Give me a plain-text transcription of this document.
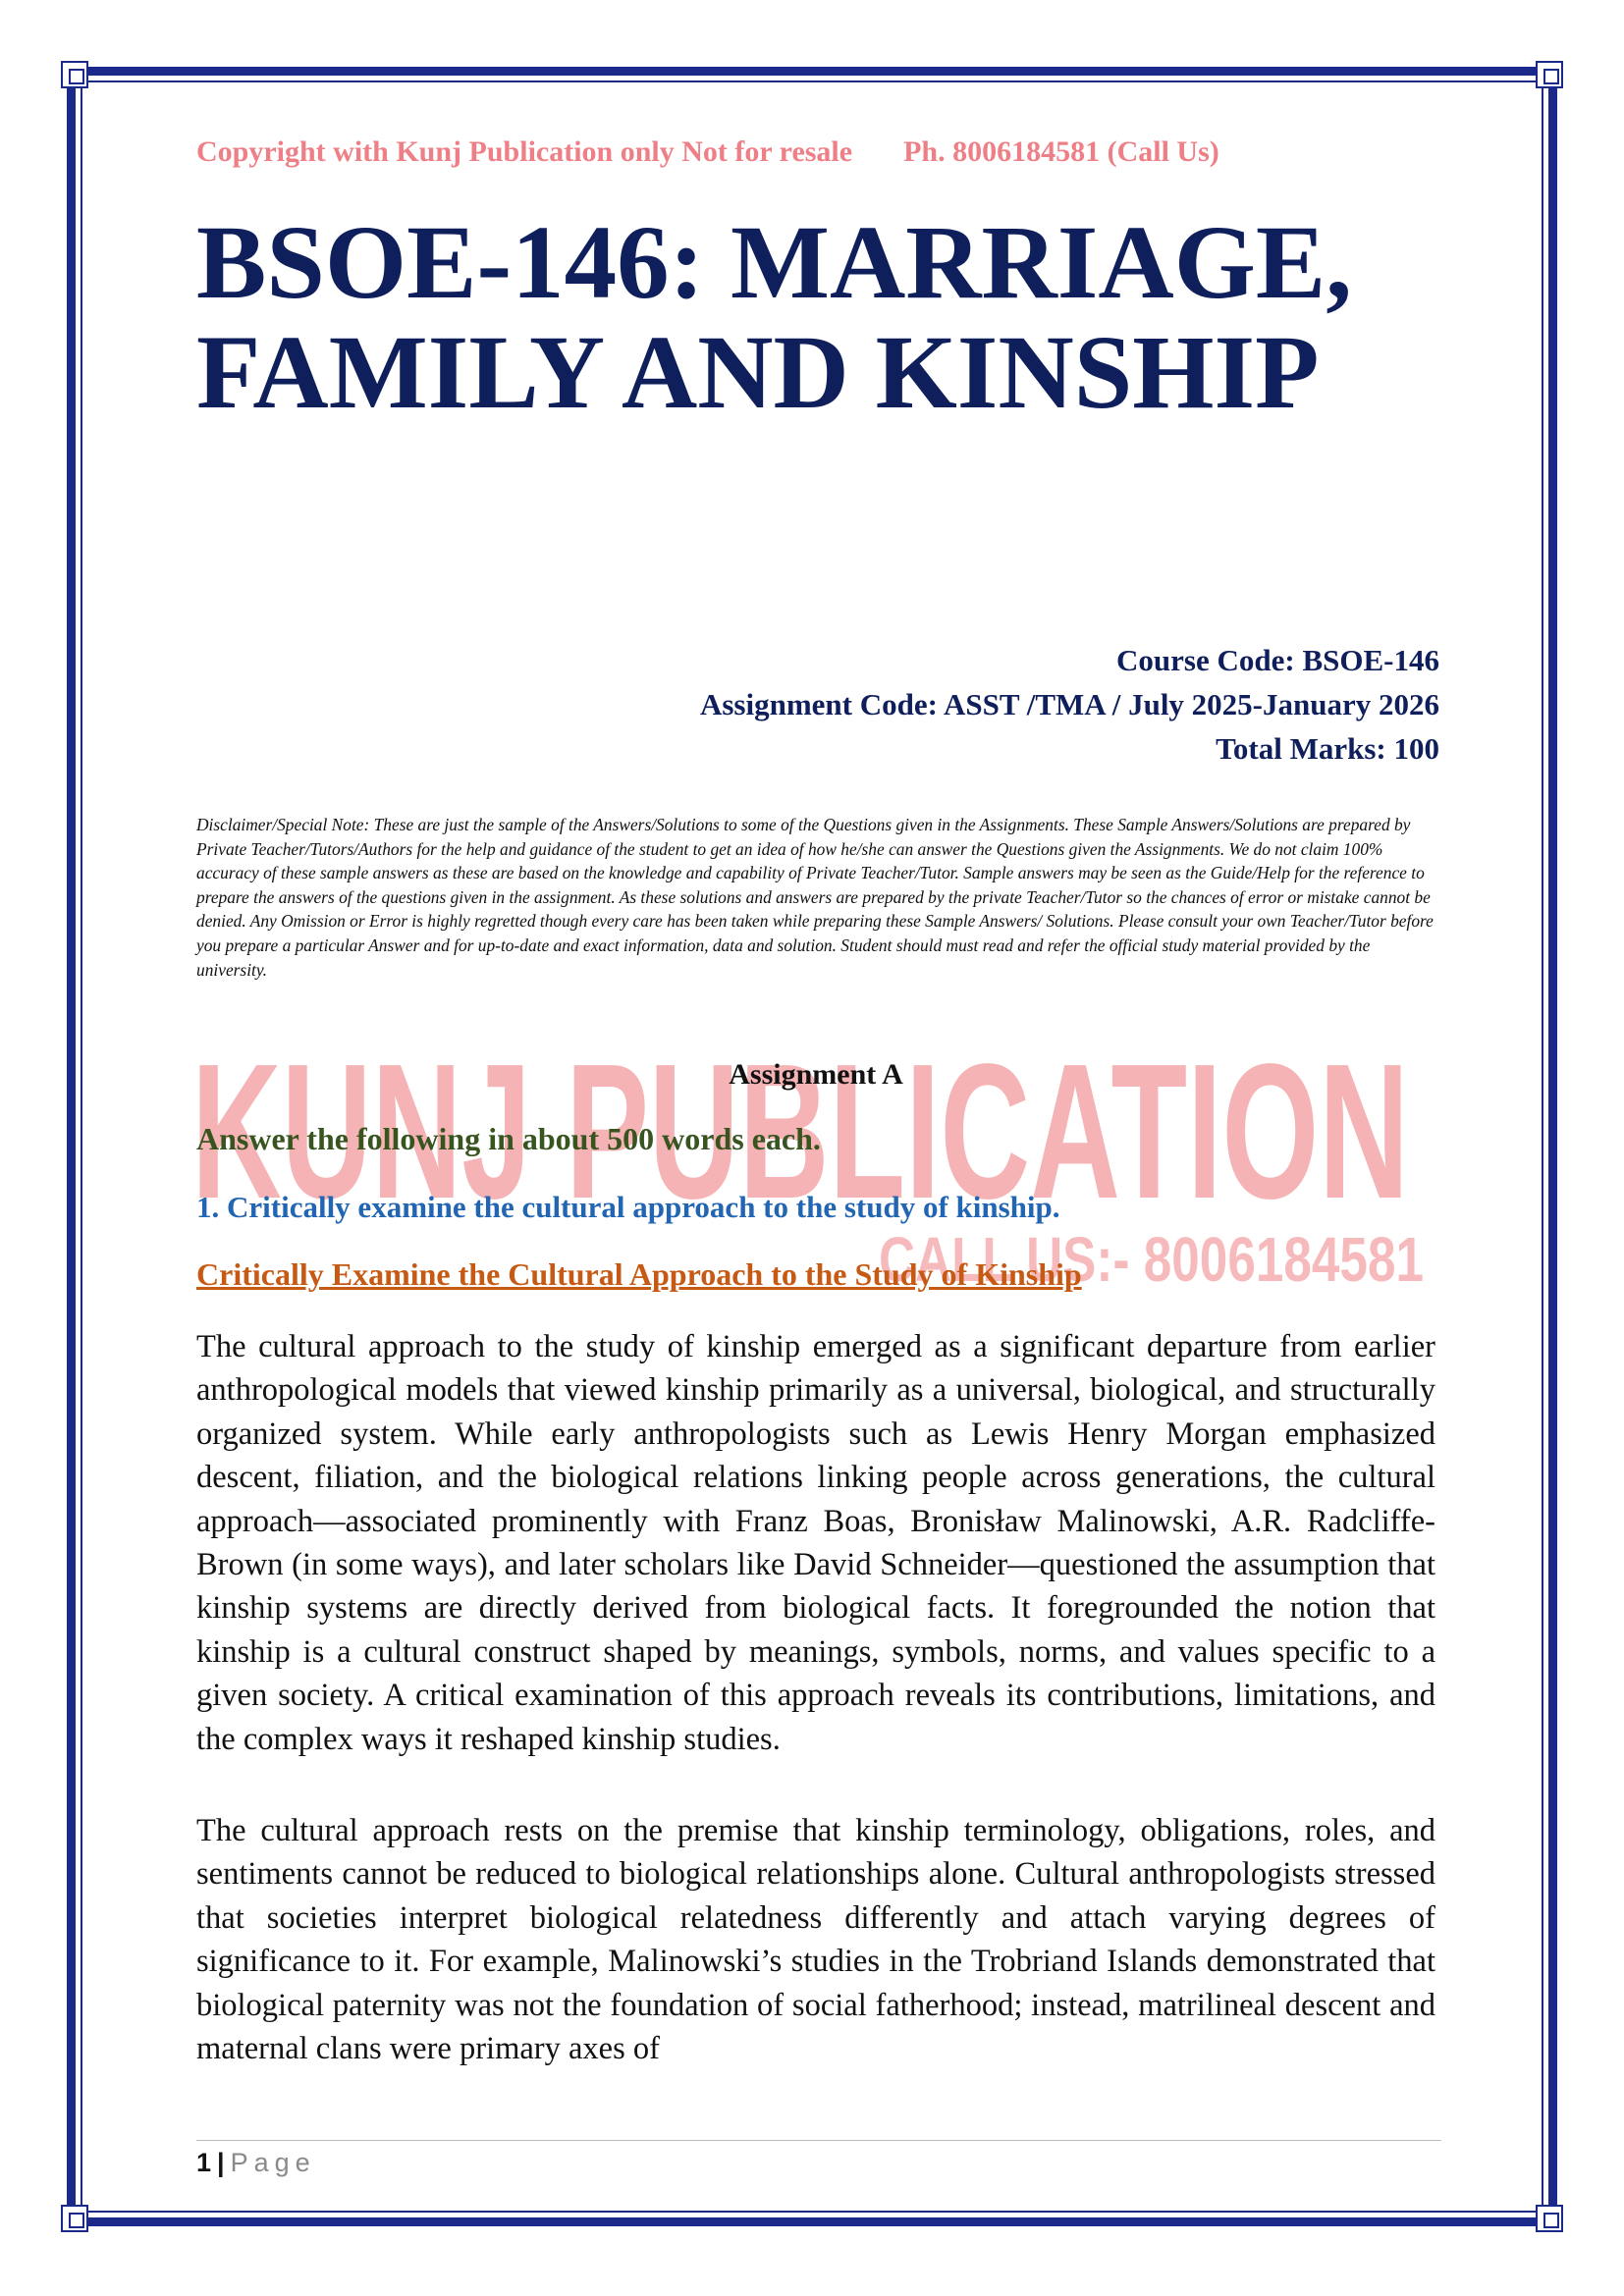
Copyright with Kunj Publication only Not for resale Ph. 8006184581 (Call Us)
BSOE-146: MARRIAGE,
FAMILY AND KINSHIP
Course Code: BSOE-146
Assignment Code: ASST /TMA / July 2025-January 2026
Total Marks: 100

Disclaimer/Special Note: These are just the sample of the Answers/Solutions to some of the Questions given in the Assignments. These Sample Answers/Solutions are prepared by Private Teacher/Tutors/Authors for the help and guidance of the student to get an idea of how he/she can answer the Questions given the Assignments. We do not claim 100% accuracy of these sample answers as these are based on the knowledge and capability of Private Teacher/Tutor. Sample answers may be seen as the Guide/Help for the reference to prepare the answers of the questions given in the assignment. As these solutions and answers are prepared by the private Teacher/Tutor so the chances of error or mistake cannot be denied. Any Omission or Error is highly regretted though every care has been taken while preparing these Sample Answers/ Solutions. Please consult your own Teacher/Tutor before you prepare a particular Answer and for up-to-date and exact information, data and solution. Student should must read and refer the official study material provided by the university.

KUNJ PUBLICATION
CALL US:- 8006184581
Assignment A
Answer the following in about 500 words each.
1. Critically examine the cultural approach to the study of kinship.
Critically Examine the Cultural Approach to the Study of Kinship

The cultural approach to the study of kinship emerged as a significant departure from earlier anthropological models that viewed kinship primarily as a universal, biological, and structurally organized system. While early anthropologists such as Lewis Henry Morgan emphasized descent, filiation, and the biological relations linking people across generations, the cultural approach—associated prominently with Franz Boas, Bronisław Malinowski, A.R. Radcliffe-Brown (in some ways), and later scholars like David Schneider—questioned the assumption that kinship systems are directly derived from biological facts. It foregrounded the notion that kinship is a cultural construct shaped by meanings, symbols, norms, and values specific to a given society. A critical examination of this approach reveals its contributions, limitations, and the complex ways it reshaped kinship studies.

The cultural approach rests on the premise that kinship terminology, obligations, roles, and sentiments cannot be reduced to biological relationships alone. Cultural anthropologists stressed that societies interpret biological relatedness differently and attach varying degrees of significance to it. For example, Malinowski’s studies in the Trobriand Islands demonstrated that biological paternity was not the foundation of social fatherhood; instead, matrilineal descent and maternal clans were primary axes of

1 | Page
